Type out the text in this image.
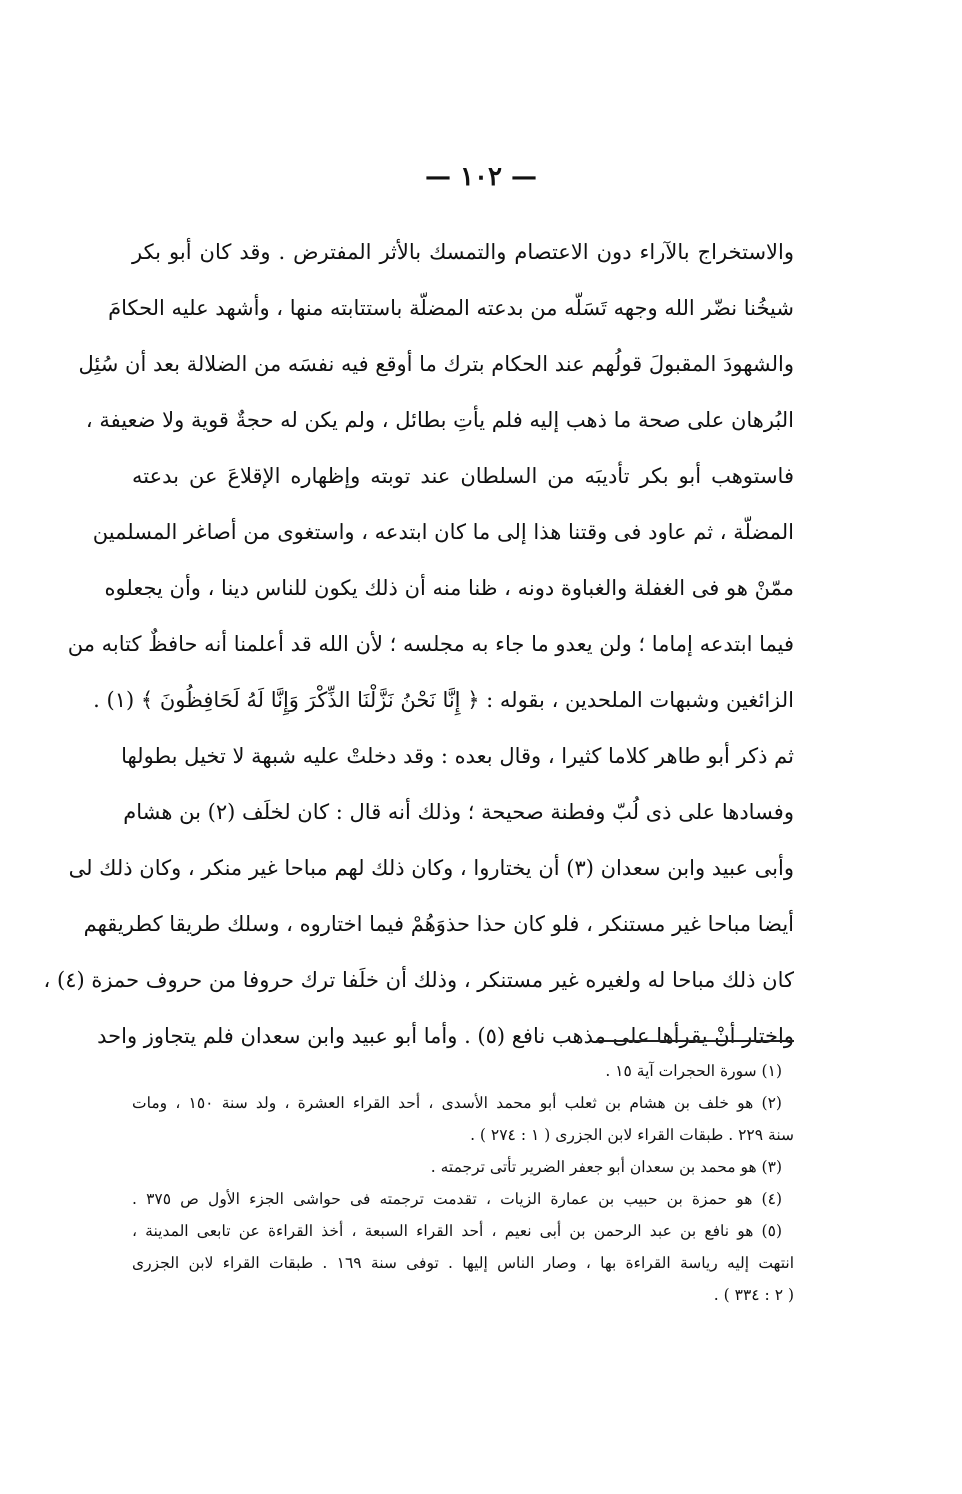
— ١٠٢ —
والاستخراج بالآراء دون الاعتصام والتمسك بالأثر المفترض . وقد كان أبو بكر
شيخُنا نضّر الله وجهه تَسَلّه من بدعته المضلّة باستتابته منها ، وأشهد عليه الحكامَ
والشهودَ المقبولَ قولُهم عند الحكام بترك ما أوقع فيه نفسَه من الضلالة بعد أن سُئِل
البُرهان على صحة ما ذهب إليه فلم يأتِ بطائل ، ولم يكن له حجةٌ قوية ولا ضعيفة ،
فاستوهب أبو بكر تأديبَه من السلطان عند توبته وإظهاره الإقلاعَ عن بدعته
المضلّة ، ثم عاود فى وقتنا هذا إلى ما كان ابتدعه ، واستغوى من أصاغر المسلمين
ممّنْ هو فى الغفلة والغباوة دونه ، ظنا منه أن ذلك يكون للناس دينا ، وأن يجعلوه
فيما ابتدعه إماما ؛ ولن يعدو ما جاء به مجلسه ؛ لأن الله قد أعلمنا أنه حافظٌ كتابه من
الزائغين وشبهات الملحدين ، بقوله : ﴿ إِنَّا نَحْنُ نَزَّلْنَا الذِّكْرَ وَإِنَّا لَهُ لَحَافِظُونَ ﴾ (١) .
ثم ذكر أبو طاهر كلاما كثيرا ، وقال بعده : وقد دخلتْ عليه شبهة لا تخيل بطولها
وفسادها على ذى لُبّ وفطنة صحيحة ؛ وذلك أنه قال : كان لخلَف (٢) بن هشام
وأبى عبيد وابن سعدان (٣) أن يختاروا ، وكان ذلك لهم مباحا غير منكر ، وكان ذلك لى
أيضا مباحا غير مستنكر ، فلو كان حذا حذوَهُمْ فيما اختاروه ، وسلك طريقا كطريقهم
كان ذلك مباحا له ولغيره غير مستنكر ، وذلك أن خلَفا ترك حروفا من حروف حمزة (٤) ،
واختار أنْ يقرأها على مذهب نافع (٥) . وأما أبو عبيد وابن سعدان فلم يتجاوز واحد
(١) سورة الحجرات آية ١٥ .
(٢) هو خلف بن هشام بن ثعلب أبو محمد الأسدى ، أحد القراء العشرة ، ولد سنة ١٥٠ ، ومات
سنة ٢٢٩ . طبقات القراء لابن الجزرى ( ١ : ٢٧٤ ) .
(٣) هو محمد بن سعدان أبو جعفر الضرير تأتى ترجمته .
(٤) هو حمزة بن حبيب بن عمارة الزيات ، تقدمت ترجمته فى حواشى الجزء الأول ص ٣٧٥ .
(٥) هو نافع بن عبد الرحمن بن أبى نعيم ، أحد القراء السبعة ، أخذ القراءة عن تابعى المدينة ،
انتهت إليه رياسة القراءة بها ، وصار الناس إليها . توفى سنة ١٦٩ . طبقات القراء لابن الجزرى
( ٢ : ٣٣٤ ) .
